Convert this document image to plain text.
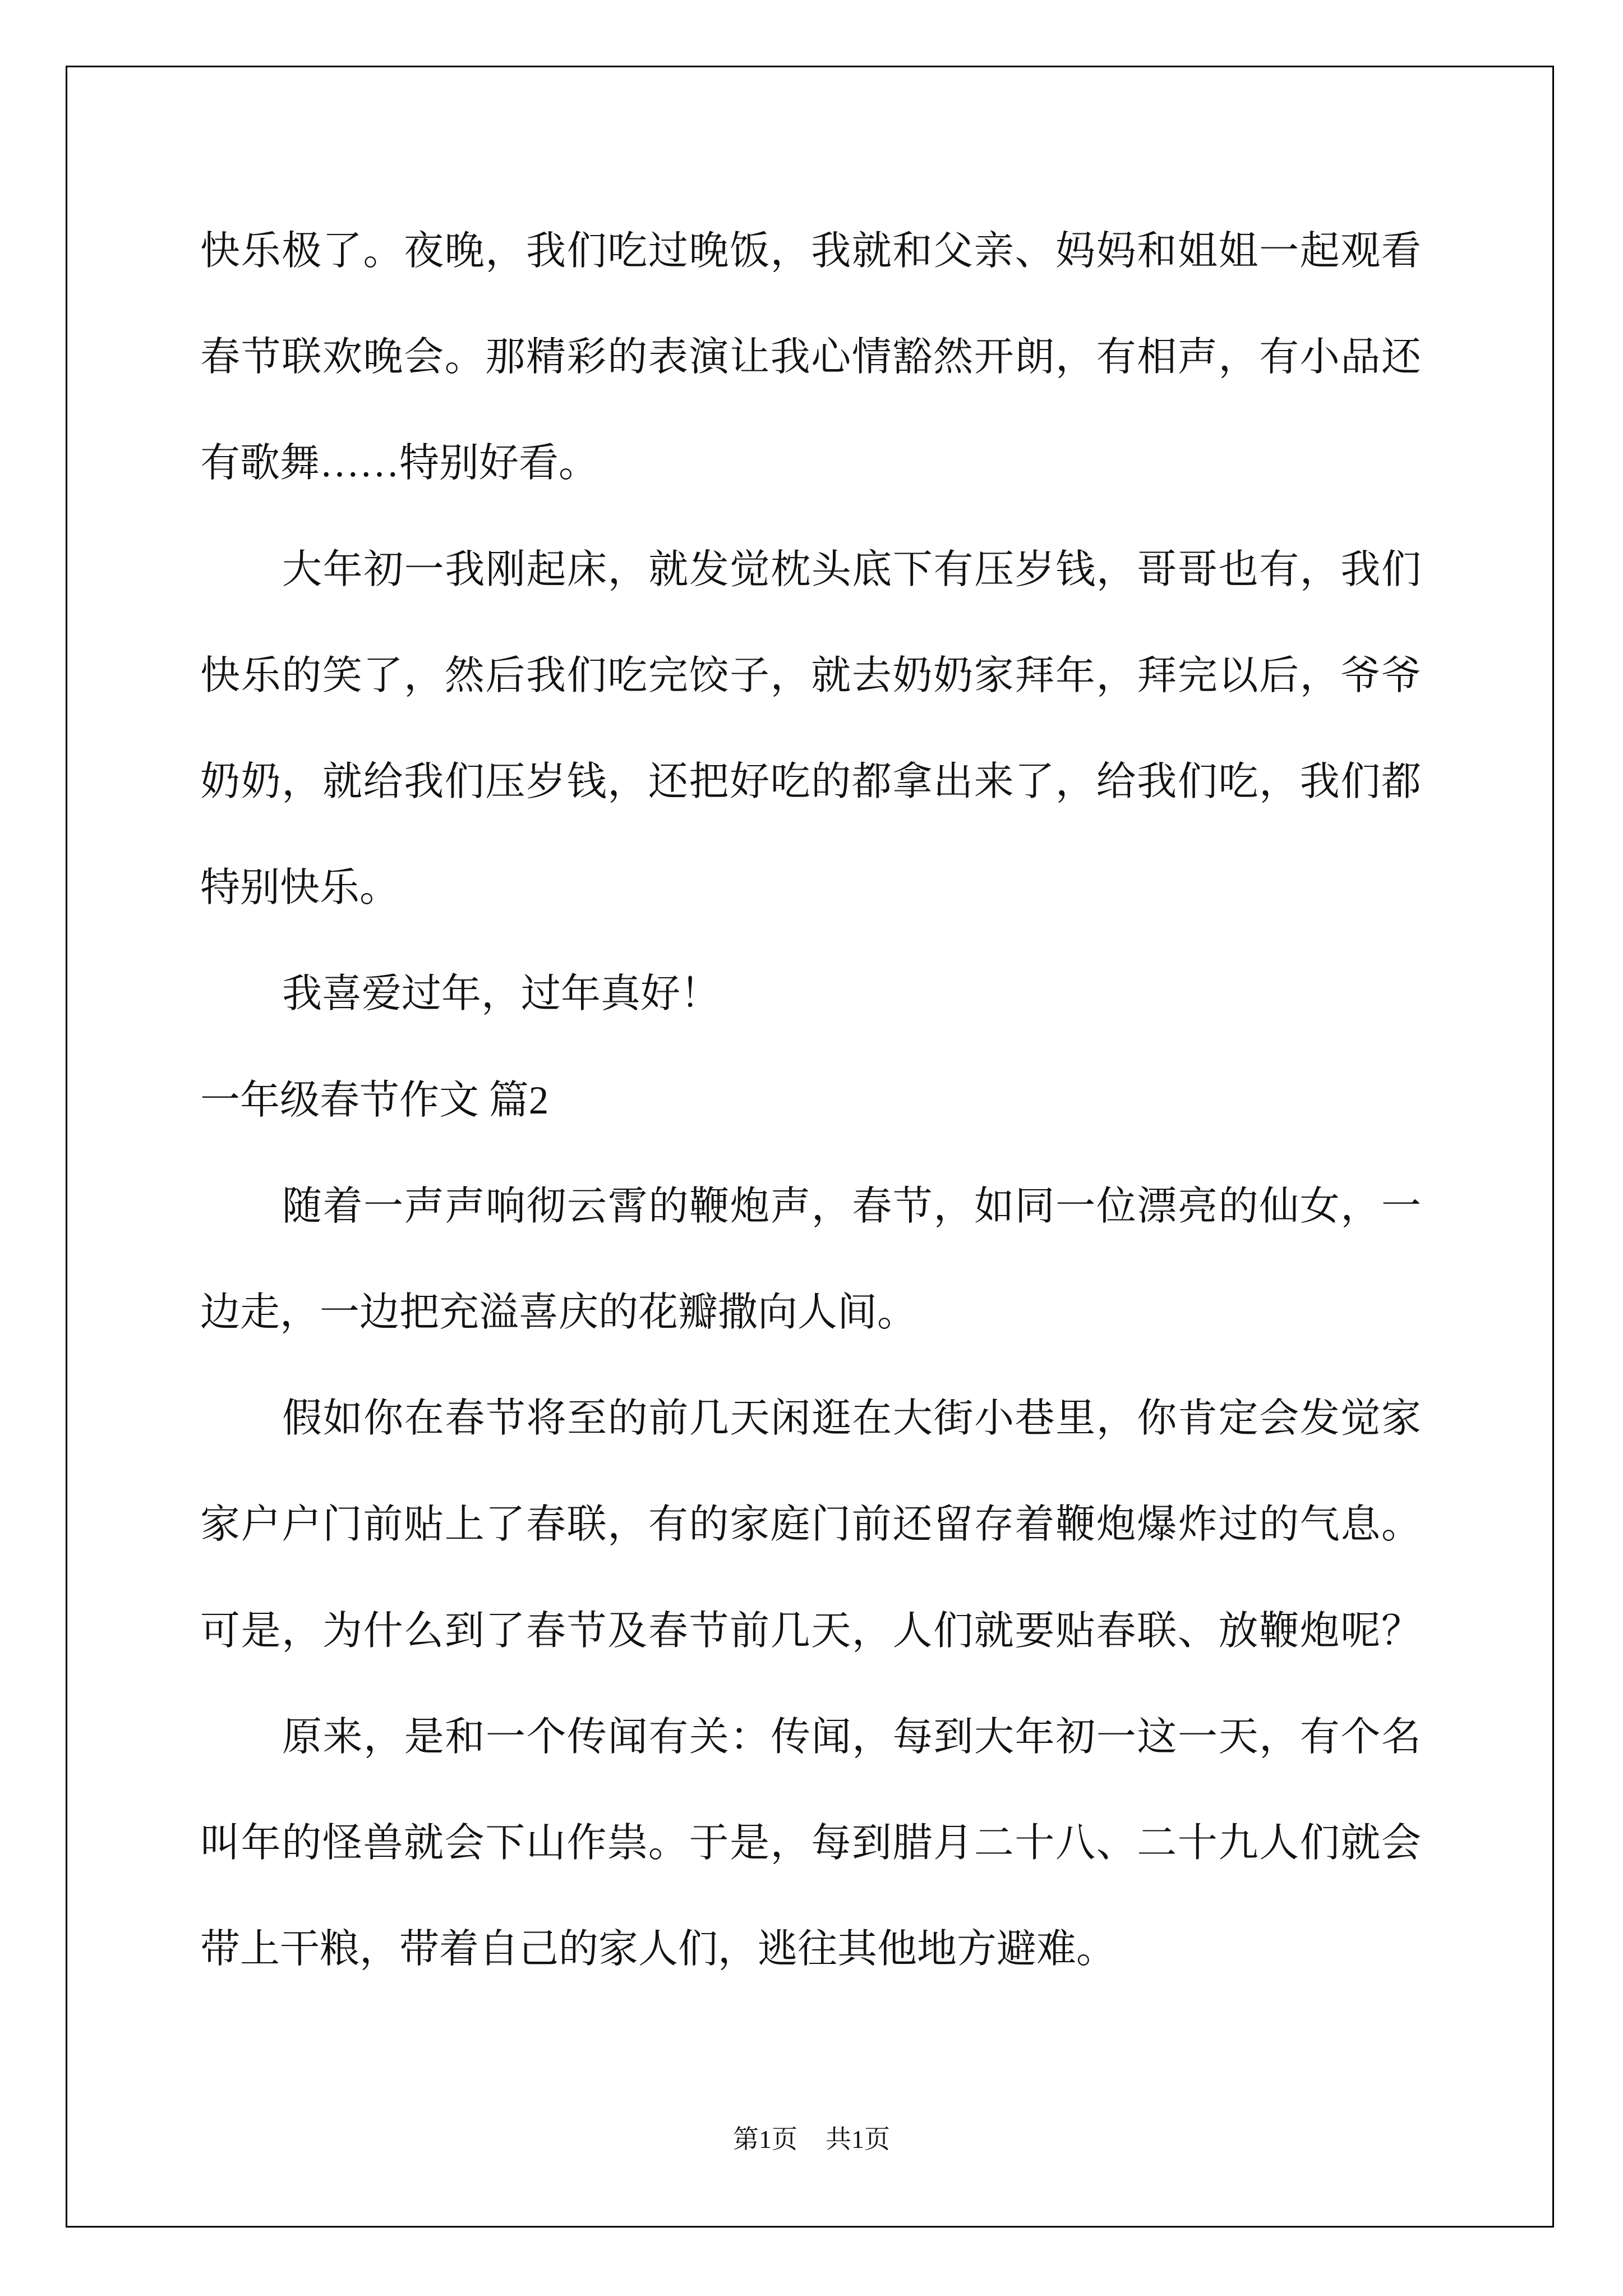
快乐极了。夜晚，我们吃过晚饭，我就和父亲、妈妈和姐姐一起观看
春节联欢晚会。那精彩的表演让我心情豁然开朗，有相声，有小品还
有歌舞……特别好看。
大年初一我刚起床，就发觉枕头底下有压岁钱，哥哥也有，我们
快乐的笑了，然后我们吃完饺子，就去奶奶家拜年，拜完以后，爷爷
奶奶，就给我们压岁钱，还把好吃的都拿出来了，给我们吃，我们都
特别快乐。
我喜爱过年，过年真好！
一年级春节作文 篇2
随着一声声响彻云霄的鞭炮声，春节，如同一位漂亮的仙女，一
边走，一边把充溢喜庆的花瓣撒向人间。
假如你在春节将至的前几天闲逛在大街小巷里，你肯定会发觉家
家户户门前贴上了春联，有的家庭门前还留存着鞭炮爆炸过的气息。
可是，为什么到了春节及春节前几天，人们就要贴春联、放鞭炮呢？
原来，是和一个传闻有关：传闻，每到大年初一这一天，有个名
叫年的怪兽就会下山作祟。于是，每到腊月二十八、二十九人们就会
带上干粮，带着自己的家人们，逃往其他地方避难。
第1页 共1页
